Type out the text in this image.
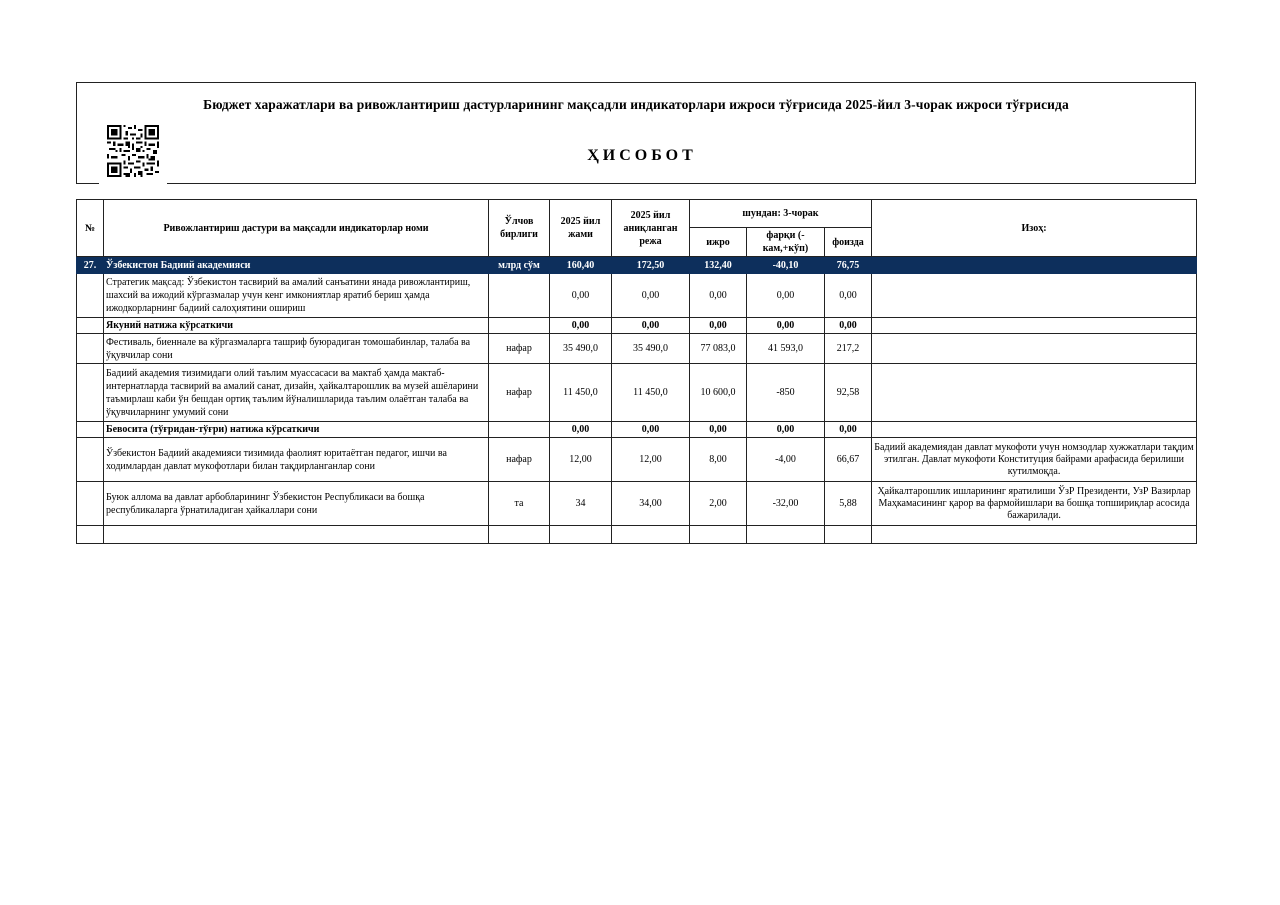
Бюджет харажатлари ва ривожлантириш дастурларининг мақсадли индикаторлари ижроси тўғрисида 2025-йил 3-чорак ижроси тўғрисида
ҲИСОБОТ
№	Ривожлантириш дастури ва мақсадли индикаторлар номи	Ўлчов бирлиги	2025 йил жами	2025 йил аниқланган режа	шундан: 3-чорак			Изоҳ:
					ижро	фарқи (-кам,+кўп)	фоизда	
27.	Ўзбекистон Бадиий академияси	млрд сўм	160,40	172,50	132,40	-40,10	76,75	
	Стратегик мақсад: Ўзбекистон тасвирий ва амалий санъатини янада ривожлантириш, шахсий ва ижодий кўргазмалар учун кенг имкониятлар яратиб бериш ҳамда ижодкорларнинг бадиий салоҳиятини ошириш		0,00	0,00	0,00	0,00	0,00	
	Якуний натижа кўрсаткичи		0,00	0,00	0,00	0,00	0,00	
	Фестиваль, биеннале ва кўргазмаларга ташриф буюрадиган томошабинлар, талаба ва ўқувчилар сони	нафар	35 490,0	35 490,0	77 083,0	41 593,0	217,2	
	Бадиий академия тизимидаги олий таълим муассасаси ва мактаб ҳамда мактаб-интернатларда тасвирий ва амалий санат, дизайн, ҳайкалтарошлик ва музей ашёларини таъмирлаш каби ўн бешдан ортиқ таълим йўналишларида таълим олаётган талаба ва ўқувчиларнинг умумий сони	нафар	11 450,0	11 450,0	10 600,0	-850	92,58	
	Бевосита (тўғридан-тўғри) натижа кўрсаткичи		0,00	0,00	0,00	0,00	0,00	
	Ўзбекистон Бадиий академияси тизимида фаолият юритаётган педагог, ишчи ва ходимлардан давлат мукофотлари билан тақдирланганлар сони	нафар	12,00	12,00	8,00	-4,00	66,67	Бадиий академиядан давлат мукофоти учун номзодлар хужжатлари тақдим этилган. Давлат мукофоти Конституция байрами арафасида берилиши кутилмоқда.
	Буюк аллома ва давлат арбобларининг Ўзбекистон Республикаси ва бошқа республикаларга ўрнатиладиган ҳайкаллари сони	та	34	34,00	2,00	-32,00	5,88	Ҳайкалтарошлик ишларининг яратилиши ЎзР Президенти, УзР Вазирлар Маҳкамасининг қарор ва фармойишлари ва бошқа топшириқлар асосида бажарилади.
